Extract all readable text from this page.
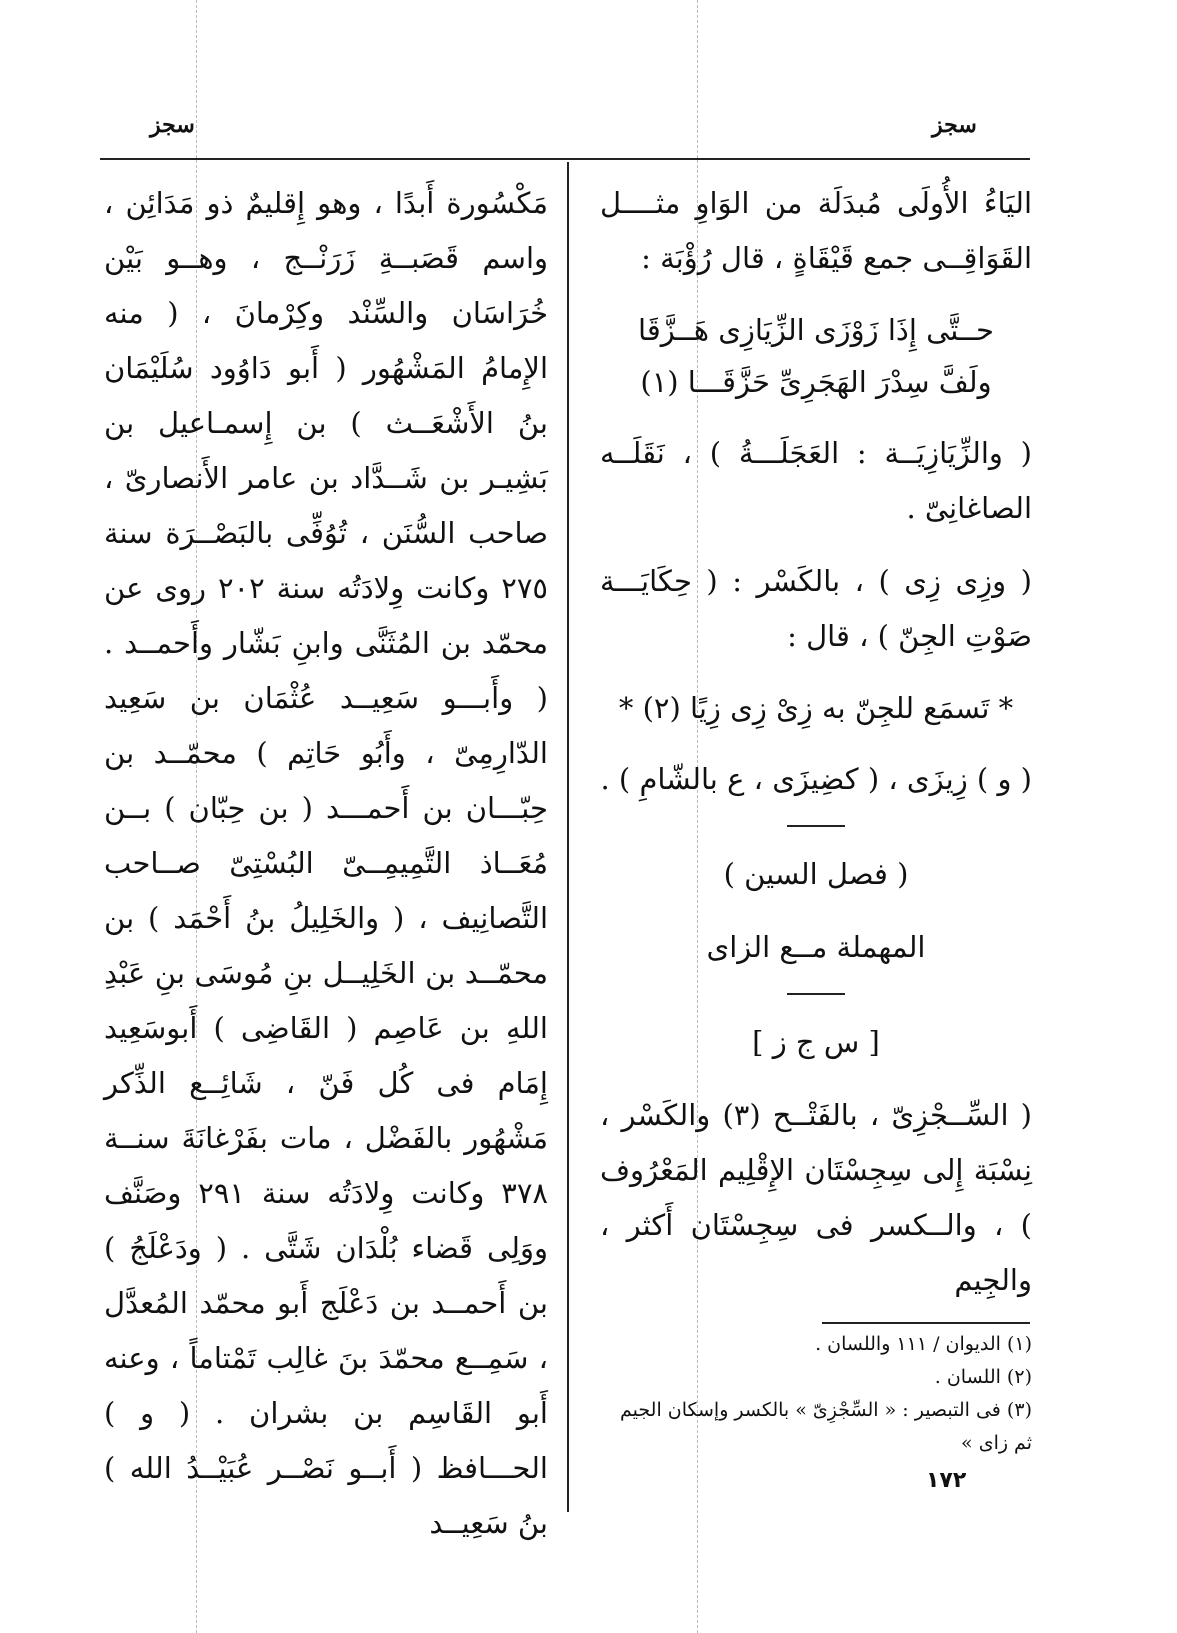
سجز
سجز

اليَاءُ الأُولَى مُبدَلَة من الوَاوِ مثــــل القَوَاقِــى جمع قَيْقَاةٍ ، قال رُؤْبَة :

حــتَّى إِذَا زَوْزَى الزِّيَازِى هَــزَّقَا

ولَفَّ سِدْرَ الهَجَرِىِّ حَزَّقَـــا (١)

( والزِّيَازِيَــة : العَجَلَـــةُ ) ، نَقَلَــه الصاغانِىّ .

( وزِى زِى ) ، بالكَسْر : ( حِكَايَـــة صَوْتِ الجِنّ ) ، قال :

* تَسمَع للجِنّ به زِىْ زِى زِيًا (٢) *

( و ) زِيزَى ، ( كضِيزَى ، ع بالشّامِ ) .

( فصل السين )

المهملة مــع الزاى

[ س ج ز ]

( السِّــجْزِىّ ، بالفَتْــح (٣) والكَسْر ، نِسْبَة إِلى سِجِسْتَان الإِقْلِيم المَعْرُوف ) ، والــكسر فى سِجِسْتَان أَكثر ، والجِيم

مَكْسُورة أَبدًا ، وهو إِقليمٌ ذو مَدَائِن ، واسم قَصَبــةِ زَرَنْــج ، وهــو بَيْن خُرَاسَان والسِّنْد وكِرْمانَ ، ( منه الإِمامُ المَشْهُور ( أَبو دَاوُود سُلَيْمَان بنُ الأَشْعَــث ) بن إِسمـاعيل بن بَشِيـر بن شَــدَّاد بن عامر الأَنصارىّ ، صاحب السُّنَن ، تُوُفِّى بالبَصْــرَة سنة ٢٧٥ وكانت وِلادَتُه سنة ٢٠٢ روى عن محمّد بن المُثَنَّى وابنِ بَشّار وأَحمــد . ( وأَبـــو سَعِيــد عُثْمَان بن سَعِيد الدّارِمِىّ ، وأَبُو حَاتِم ) محمّــد بن حِبّـــان بن أَحمـــد ( بن حِبّان ) بــن مُعَــاذ التَّمِيمِــىّ البُسْتِىّ صــاحب التَّصانِيف ، ( والخَلِيلُ بنُ أَحْمَد ) بن محمّــد بن الخَلِيــل بنِ مُوسَى بنِ عَبْدِ اللهِ بن عَاصِم ( القَاضِى ) أَبوسَعِيد إِمَام فى كُل فَنّ ، شَائِــع الذِّكر مَشْهُور بالفَضْل ، مات بفَرْغانَةَ سنــة ٣٧٨ وكانت وِلادَتُه سنة ٢٩١ وصَنَّف ووَلِى قَضاء بُلْدَان شَتَّى . ( ودَعْلَجُ ) بن أَحمــد بن دَعْلَج أَبو محمّد المُعدَّل ، سَمِــع محمّدَ بنَ غالِب تَمْتاماً ، وعنه أَبو القَاسِم بن بشران . ( و ) الحـــافظ ( أَبــو نَصْــر عُبَيْــدُ الله ) بنُ سَعِيــد

(١) الديوان / ١١١ واللسان .

(٢) اللسان .

(٣) فى التبصير : « السِّجْزِىّ » بالكسر وإسكان الجيم ثم زاى »

١٧٢
